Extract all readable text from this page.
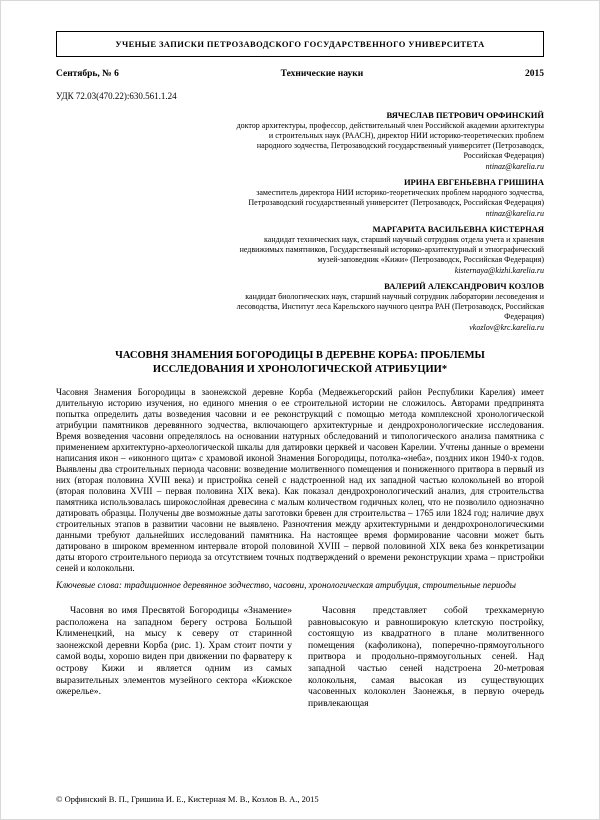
УЧЕНЫЕ ЗАПИСКИ ПЕТРОЗАВОДСКОГО ГОСУДАРСТВЕННОГО УНИВЕРСИТЕТА
Сентябрь, № 6	Технические науки	2015
УДК 72.03(470.22):630.561.1.24
ВЯЧЕСЛАВ ПЕТРОВИЧ ОРФИНСКИЙ
доктор архитектуры, профессор, действительный член Российской академии архитектуры и строительных наук (РААСН), директор НИИ историко-теоретических проблем народного зодчества, Петрозаводский государственный университет (Петрозаводск, Российская Федерация)
ntinaz@karelia.ru
ИРИНА ЕВГЕНЬЕВНА ГРИШИНА
заместитель директора НИИ историко-теоретических проблем народного зодчества, Петрозаводский государственный университет (Петрозаводск, Российская Федерация)
ntinaz@karelia.ru
МАРГАРИТА ВАСИЛЬЕВНА КИСТЕРНАЯ
кандидат технических наук, старший научный сотрудник отдела учета и хранения недвижимых памятников, Государственный историко-архитектурный и этнографический музей-заповедник «Кижи» (Петрозаводск, Российская Федерация)
kisternaya@kizhi.karelia.ru
ВАЛЕРИЙ АЛЕКСАНДРОВИЧ КОЗЛОВ
кандидат биологических наук, старший научный сотрудник лаборатории лесоведения и лесоводства, Институт леса Карельского научного центра РАН (Петрозаводск, Российская Федерация)
vkozlov@krc.karelia.ru
ЧАСОВНЯ ЗНАМЕНИЯ БОГОРОДИЦЫ В ДЕРЕВНЕ КОРБА: ПРОБЛЕМЫ ИССЛЕДОВАНИЯ И ХРОНОЛОГИЧЕСКОЙ АТРИБУЦИИ*

Часовня Знамения Богородицы в заонежской деревне Корба (Медвежьегорский район Республики Карелия) имеет длительную историю изучения, но единого мнения о ее строительной истории не сложилось. Авторами предпринята попытка определить даты возведения часовни и ее реконструкций с помощью метода комплексной хронологической атрибуции памятников деревянного зодчества, включающего архитектурные и дендрохронологические исследования. Время возведения часовни определялось на основании натурных обследований и типологического анализа памятника с применением архитектурно-археологической шкалы для датировки церквей и часовен Карелии. Учтены данные о времени написания икон – «иконного щита» с храмовой иконой Знамения Богородицы, потолка-«неба», поздних икон 1940-х годов. Выявлены два строительных периода часовни: возведение молитвенного помещения и пониженного притвора в первый из них (вторая половина XVIII века) и пристройка сеней с надстроенной над их западной частью колокольней во второй (вторая половина XVIII – первая половина XIX века). Как показал дендрохронологический анализ, для строительства памятника использовалась широкослойная древесина с малым количеством годичных колец, что не позволило однозначно датировать образцы. Получены две возможные даты заготовки бревен для строительства – 1765 или 1824 год; наличие двух строительных этапов в развитии часовни не выявлено. Разночтения между архитектурными и дендрохронологическими данными требуют дальнейших исследований памятника. На настоящее время формирование часовни может быть датировано в широком временном интервале второй половиной XVIII – первой половиной XIX века без конкретизации даты второго строительного периода за отсутствием точных подтверждений о времени реконструкции храма – пристройки сеней и колокольни.

Ключевые слова: традиционное деревянное зодчество, часовни, хронологическая атрибуция, строительные периоды

Часовня во имя Пресвятой Богородицы «Знамение» расположена на западном берегу острова Большой Клименецкий, на мысу к северу от старинной заонежской деревни Корба (рис. 1). Храм стоит почти у самой воды, хорошо виден при движении по фарватеру к острову Кижи и является одним из самых выразительных элементов музейного сектора «Кижское ожерелье».
Часовня представляет собой трехкамерную равновысокую и равноширокую клетскую постройку, состоящую из квадратного в плане молитвенного помещения (кафоликона), поперечно-прямоугольного притвора и продольно-прямоугольных сеней. Над западной частью сеней надстроена 20-метровая колокольня, самая высокая из существующих часовенных колоколен Заонежья, в первую очередь привлекающая
© Орфинский В. П., Гришина И. Е., Кистерная М. В., Козлов В. А., 2015
